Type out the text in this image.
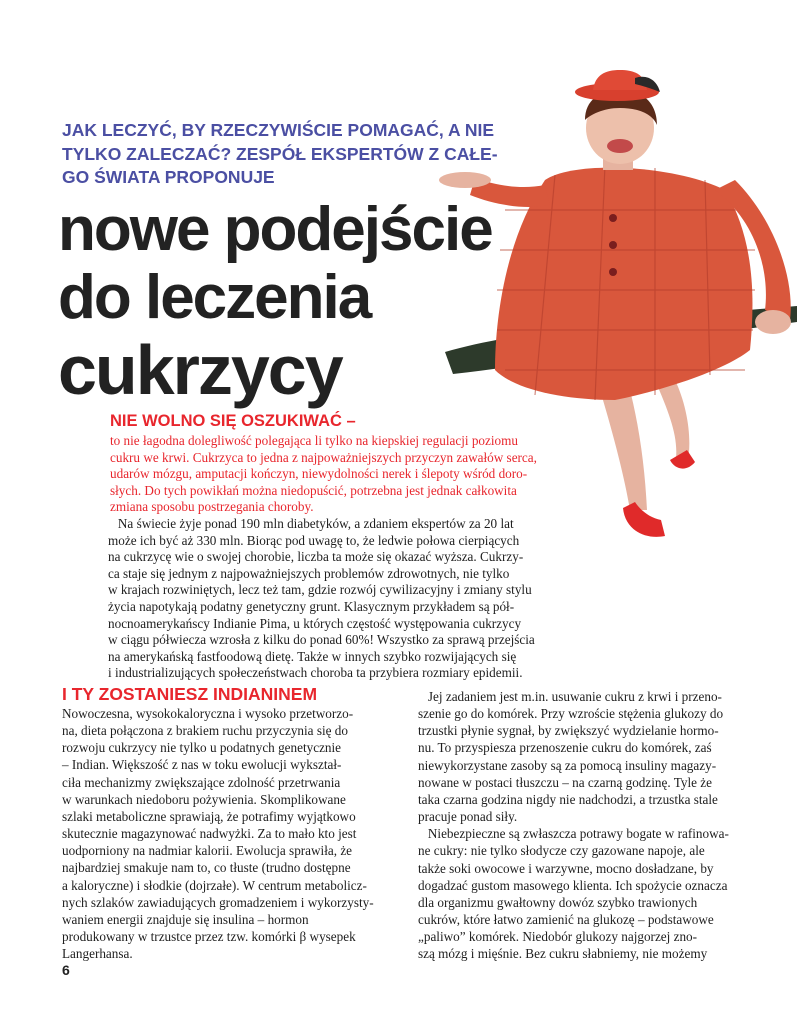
JAK LECZYĆ, BY RZECZYWIŚCIE POMAGAĆ, A NIE
TYLKO ZALECZAĆ? ZESPÓŁ EKSPERTÓW Z CAŁE-
GO ŚWIATA PROPONUJE
nowe podejście
do leczenia
cukrzycy
NIE WOLNO SIĘ OSZUKIWAĆ –
to nie łagodna dolegliwość polegająca li tylko na kiepskiej regulacji poziomu
cukru we krwi. Cukrzyca to jedna z najpoważniejszych przyczyn zawałów serca,
udarów mózgu, amputacji kończyn, niewydolności nerek i ślepoty wśród doro-
słych. Do tych powikłań można niedopuścić, potrzebna jest jednak całkowita
zmiana sposobu postrzegania choroby.
Na świecie żyje ponad 190 mln diabetyków, a zdaniem ekspertów za 20 lat
może ich być aż 330 mln. Biorąc pod uwagę to, że ledwie połowa cierpiących
na cukrzycę wie o swojej chorobie, liczba ta może się okazać wyższa. Cukrzy-
ca staje się jednym z najpoważniejszych problemów zdrowotnych, nie tylko
w krajach rozwiniętych, lecz też tam, gdzie rozwój cywilizacyjny i zmiany stylu
życia napotykają podatny genetyczny grunt. Klasycznym przykładem są pół-
nocnoamerykańscy Indianie Pima, u których częstość występowania cukrzycy
w ciągu półwiecza wzrosła z kilku do ponad 60%! Wszystko za sprawą przejścia
na amerykańską fastfoodową dietę. Także w innych szybko rozwijających się
i industrializujących społeczeństwach choroba ta przybiera rozmiary epidemii.
I TY ZOSTANIESZ INDIANINEM
Nowoczesna, wysokokaloryczna i wysoko przetworzo-
na, dieta połączona z brakiem ruchu przyczynia się do
rozwoju cukrzycy nie tylko u podatnych genetycznie
– Indian. Większość z nas w toku ewolucji wykształ-
ciła mechanizmy zwiększające zdolność przetrwania
w warunkach niedoboru pożywienia. Skomplikowane
szlaki metaboliczne sprawiają, że potrafimy wyjątkowo
skutecznie magazynować nadwyżki. Za to mało kto jest
uodporniony na nadmiar kalorii. Ewolucja sprawiła, że
najbardziej smakuje nam to, co tłuste (trudno dostępne
a kaloryczne) i słodkie (dojrzałe). W centrum metabolicz-
nych szlaków zawiadujących gromadzeniem i wykorzysty-
waniem energii znajduje się insulina – hormon
produkowany w trzustce przez tzw. komórki β wysepek
Langerhansa.
Jej zadaniem jest m.in. usuwanie cukru z krwi i przeno-
szenie go do komórek. Przy wzroście stężenia glukozy do
trzustki płynie sygnał, by zwiększyć wydzielanie hormo-
nu. To przyspiesza przenoszenie cukru do komórek, zaś
niewykorzystane zasoby są za pomocą insuliny magazy-
nowane w postaci tłuszczu – na czarną godzinę. Tyle że
taka czarna godzina nigdy nie nadchodzi, a trzustka stale
pracuje ponad siły.
Niebezpieczne są zwłaszcza potrawy bogate w rafinowa-
ne cukry: nie tylko słodycze czy gazowane napoje, ale
także soki owocowe i warzywne, mocno dosładzane, by
dogadzać gustom masowego klienta. Ich spożycie oznacza
dla organizmu gwałtowny dowóz szybko trawionych
cukrów, które łatwo zamienić na glukozę – podstawowe
„paliwo” komórek. Niedobór glukozy najgorzej zno-
szą mózg i mięśnie. Bez cukru słabniemy, nie możemy
6
